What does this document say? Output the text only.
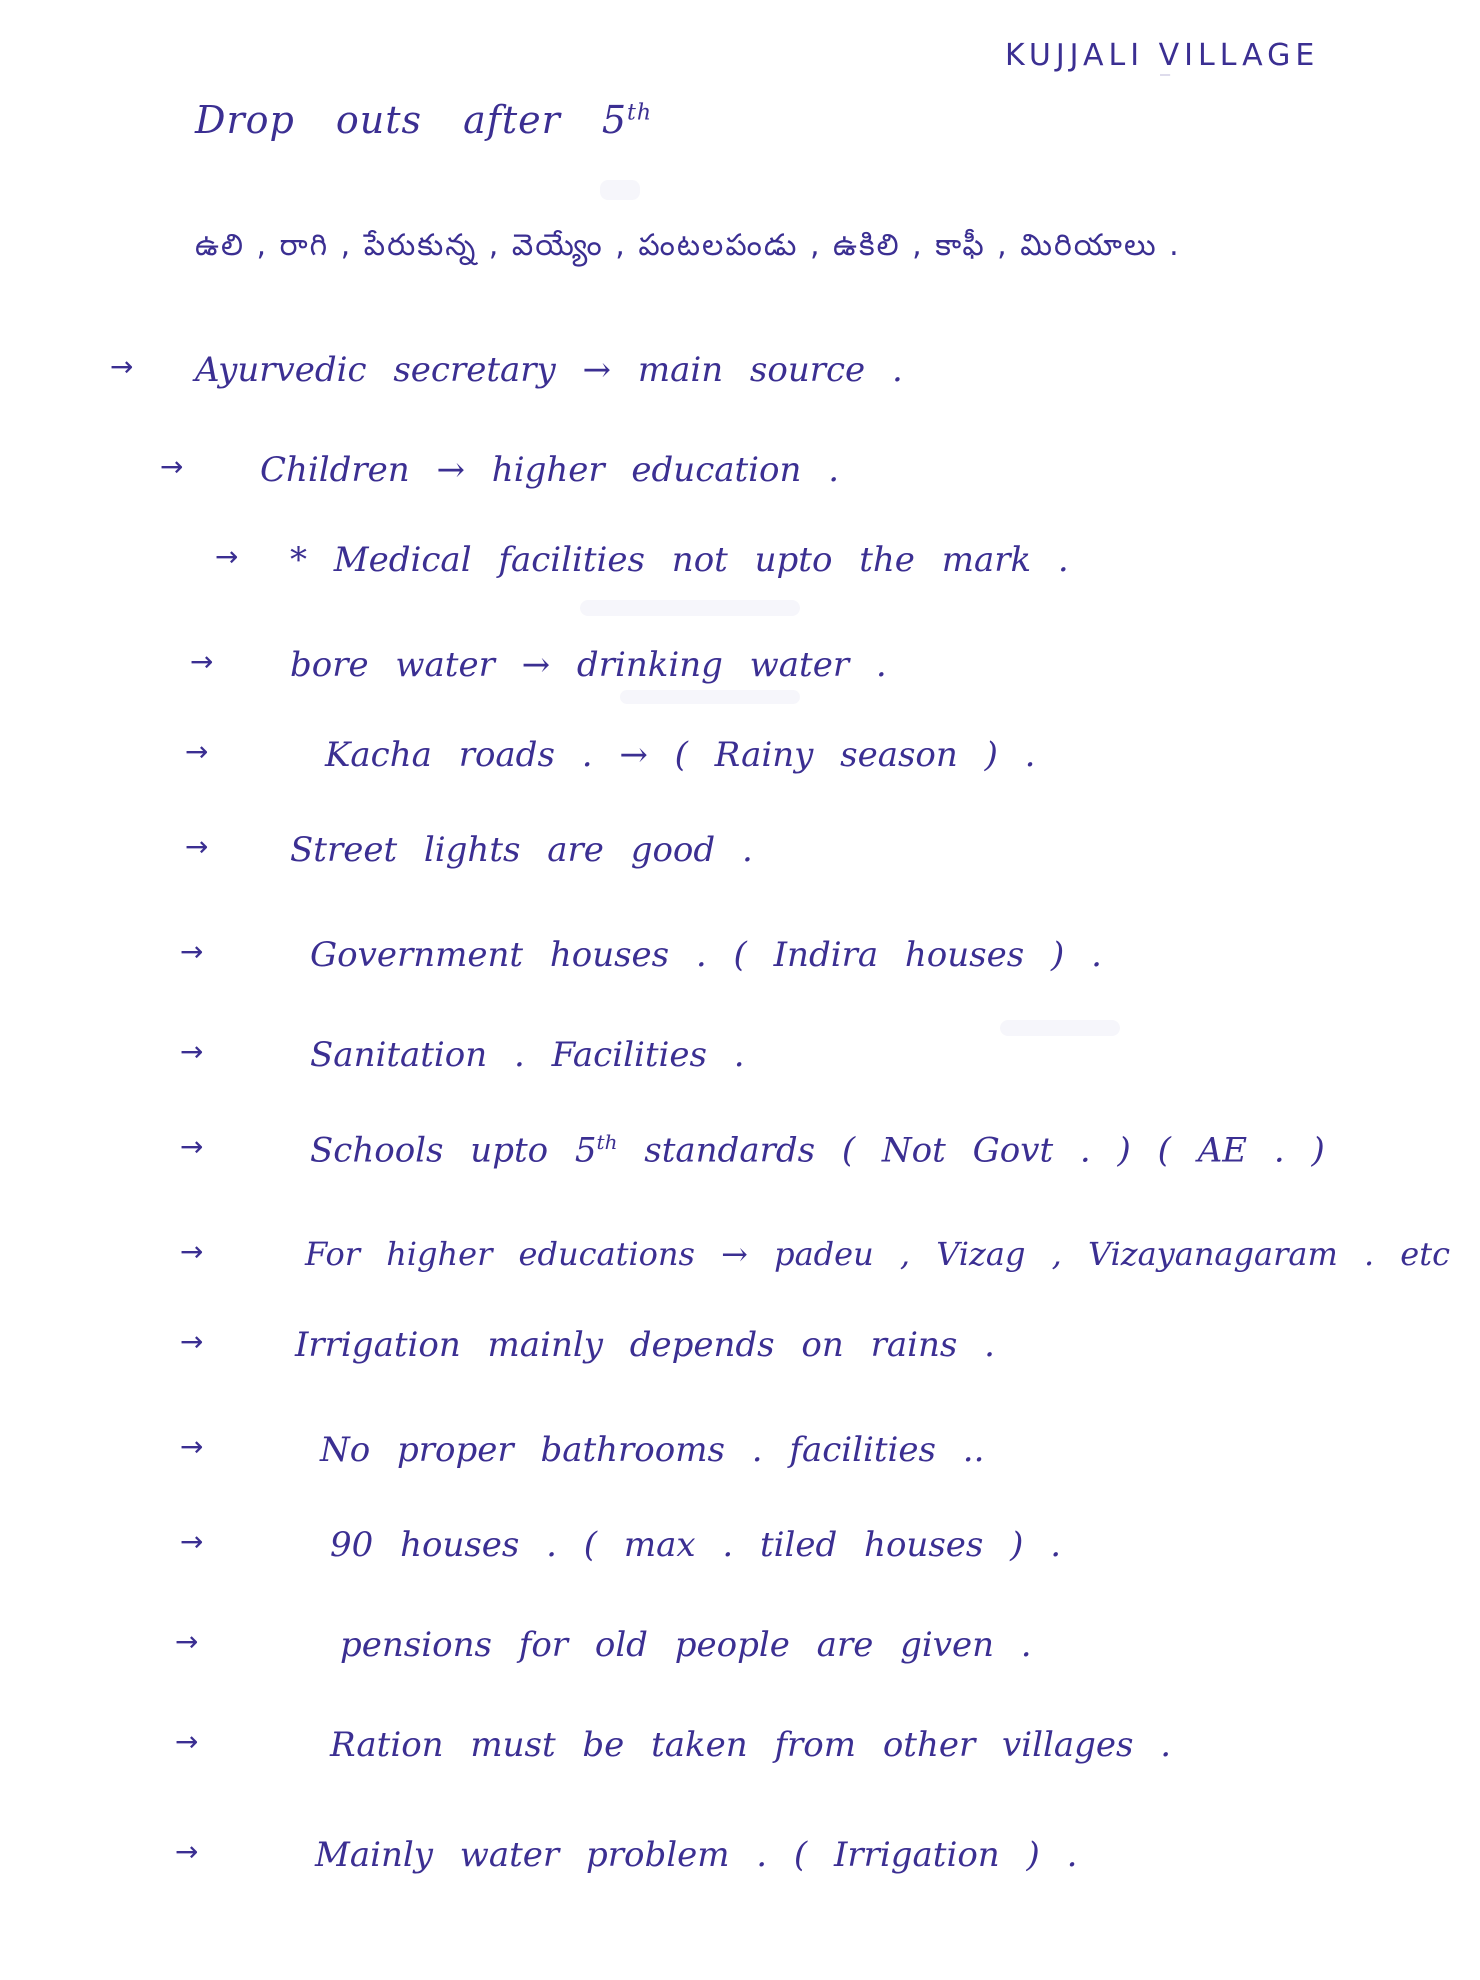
KUJJALI VILLAGE
Drop outs after 5th
ఉలి , రాగి , పేరుకున్న , వెయ్యేం , పంటలపండు , ఉకిలి , కాఫీ , మిరియాలు .
→ Ayurvedic secretary → main source .
→ Children → higher education .
→ * Medical facilities not upto the mark .
→ bore water → drinking water .
→	Kacha roads . → ( Rainy season ) .
→ Street lights are good .
→	Government houses . ( Indira houses ) .
→	Sanitation . Facilities .
→	Schools upto 5th standards ( Not Govt . ) ( AE . )
→	For higher educations → padeu , Vizag , Vizayanagaram . etc
→	Irrigation mainly depends on rains .
→	No proper bathrooms . facilities ..
→	90 houses . ( max . tiled houses ) .
→	pensions for old people are given .
→	Ration must be taken from other villages .
→	Mainly water problem . ( Irrigation ) .
